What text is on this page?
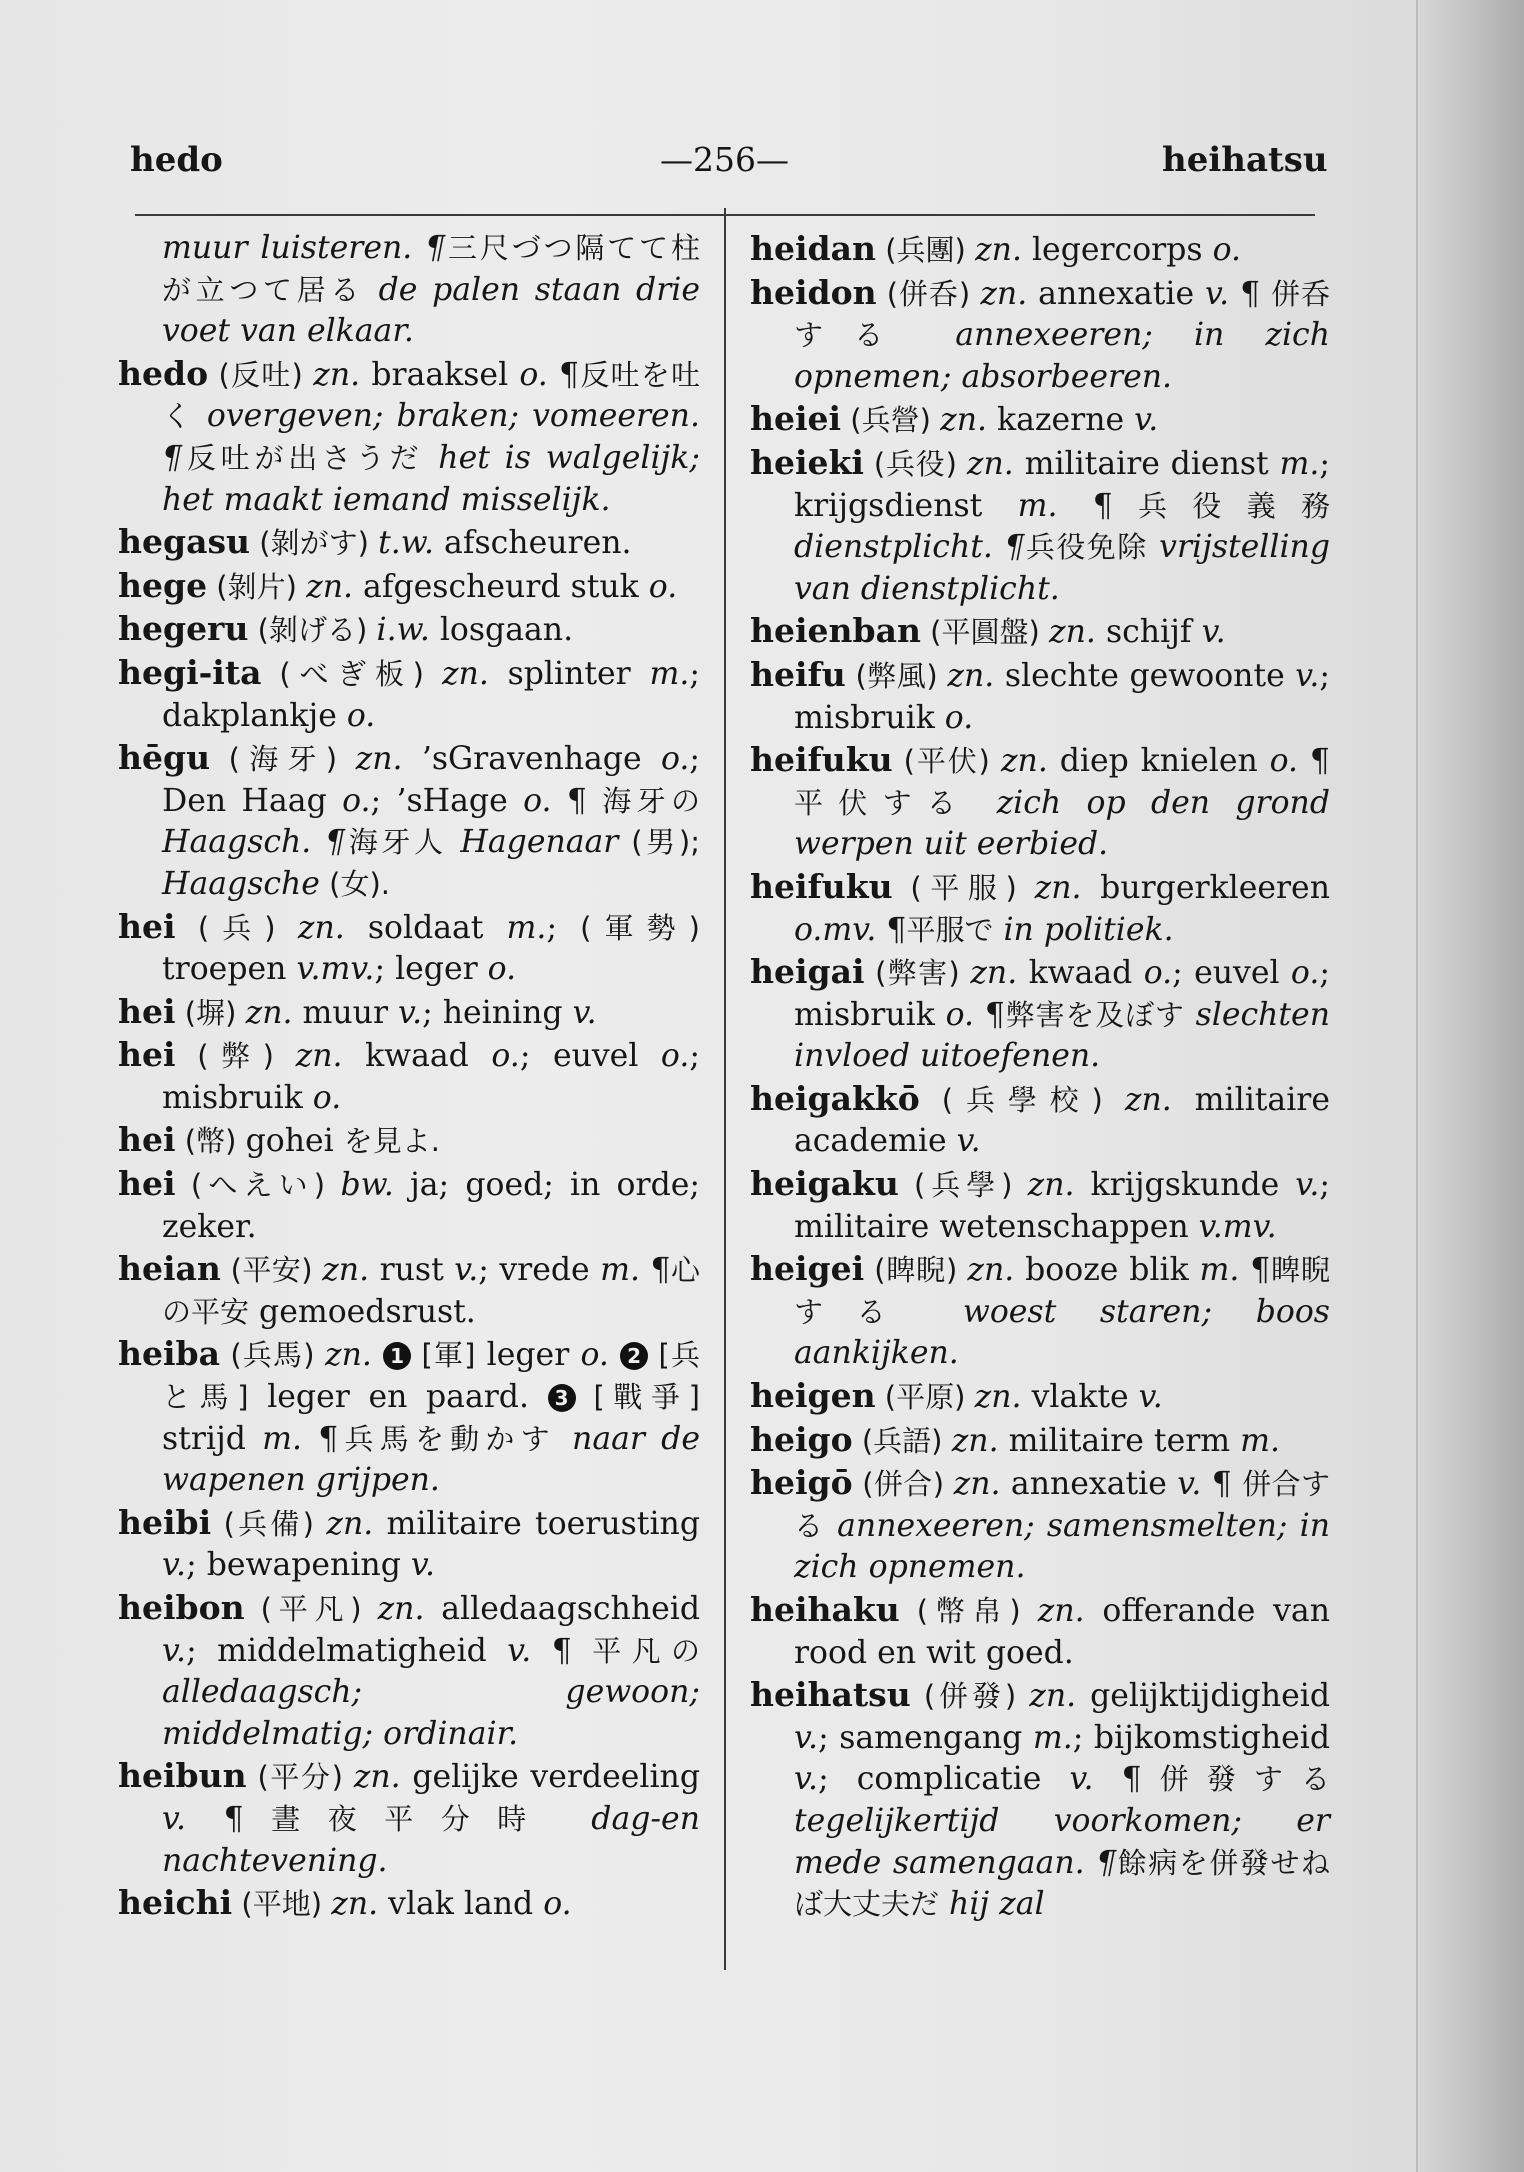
hedo	—256—	heihatsu

muur luisteren. ¶三尺づつ隔てて柱が立つて居る de palen staan drie voet van elkaar.

hedo (反吐) zn. braaksel o. ¶反吐を吐く overgeven; braken; vomeeren. ¶反吐が出さうだ het is walgelijk; het maakt iemand misselijk.

hegasu (剝がす) t.w. afscheuren.

hege (剝片) zn. afgescheurd stuk o.

hegeru (剝げる) i.w. losgaan.

hegi-ita (べぎ板) zn. splinter m.; dakplankje o.

hēgu (海牙) zn. ’sGravenhage o.; Den Haag o.; ’sHage o. ¶ 海牙の Haagsch. ¶海牙人 Hagenaar (男); Haagsche (女).

hei (兵) zn. soldaat m.; (軍勢) troepen v.mv.; leger o.

hei (塀) zn. muur v.; heining v.

hei (弊) zn. kwaad o.; euvel o.; misbruik o.

hei (幣) gohei を見よ.

hei (へえい) bw. ja; goed; in orde; zeker.

heian (平安) zn. rust v.; vrede m. ¶心の平安 gemoedsrust.

heiba (兵馬) zn. 1 [軍] leger o. 2 [兵と馬] leger en paard. 3 [戰爭] strijd m. ¶兵馬を動かす naar de wapenen grijpen.

heibi (兵備) zn. militaire toerusting v.; bewapening v.

heibon (平凡) zn. alledaagschheid v.; middelmatigheid v. ¶ 平凡の alledaagsch; gewoon; middelmatig; ordinair.

heibun (平分) zn. gelijke verdeeling v. ¶晝夜平分時 dag-en nachtevening.

heichi (平地) zn. vlak land o.

heidan (兵團) zn. legercorps o.

heidon (併呑) zn. annexatie v. ¶ 併呑する annexeeren; in zich opnemen; absorbeeren.

heiei (兵營) zn. kazerne v.

heieki (兵役) zn. militaire dienst m.; krijgsdienst m. ¶兵役義務 dienstplicht. ¶兵役免除 vrijstelling van dienstplicht.

heienban (平圓盤) zn. schijf v.

heifu (弊風) zn. slechte gewoonte v.; misbruik o.

heifuku (平伏) zn. diep knielen o. ¶平伏する zich op den grond werpen uit eerbied.

heifuku (平服) zn. burgerkleeren o.mv. ¶平服で in politiek.

heigai (弊害) zn. kwaad o.; euvel o.; misbruik o. ¶弊害を及ぼす slechten invloed uitoefenen.

heigakkō (兵學校) zn. militaire academie v.

heigaku (兵學) zn. krijgskunde v.; militaire wetenschappen v.mv.

heigei (睥睨) zn. booze blik m. ¶睥睨する woest staren; boos aankijken.

heigen (平原) zn. vlakte v.

heigo (兵語) zn. militaire term m.

heigō (併合) zn. annexatie v. ¶ 併合する annexeeren; samensmelten; in zich opnemen.

heihaku (幣帛) zn. offerande van rood en wit goed.

heihatsu (併發) zn. gelijktijdigheid v.; samengang m.; bijkomstigheid v.; complicatie v. ¶併發する tegelijkertijd voorkomen; er mede samengaan. ¶餘病を併發せねば大丈夫だ hij zal
